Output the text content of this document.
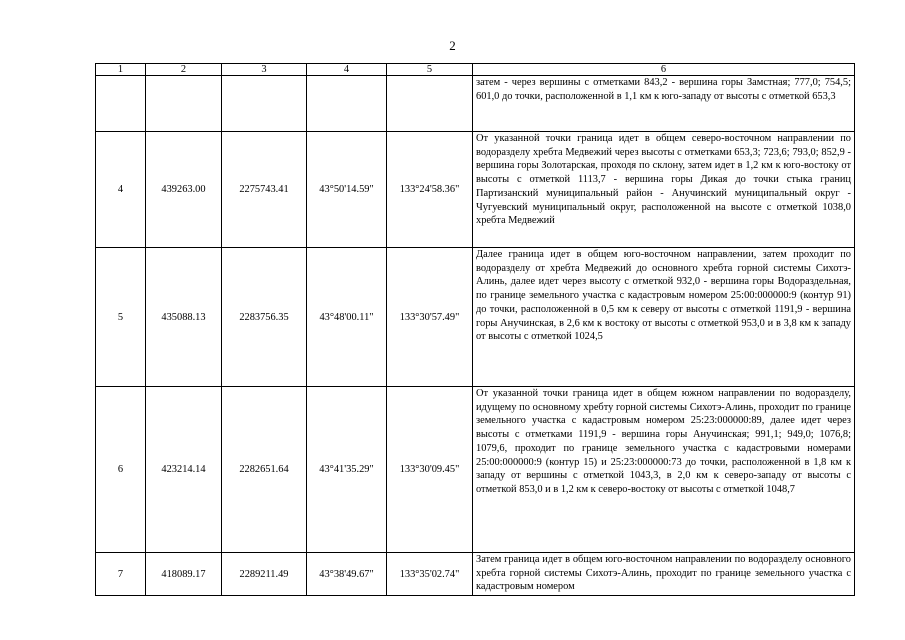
2
1	2	3	4	5	6

					затем - через вершины с отметками 843,2 - вершина горы Замстная; 777,0; 754,5; 601,0 до точки, расположенной в 1,1 км к юго-западу от высоты с отметкой 653,3

4	439263.00	2275743.41	43°50'14.59"	133°24'58.36"	От указанной точки граница идет в общем северо-восточном направлении по водоразделу хребта Медвежий через высоты с отметками 653,3; 723,6; 793,0; 852,9 - вершина горы Золотарская, проходя по склону, затем идет в 1,2 км к юго-востоку от высоты с отметкой 1113,7 - вершина горы Дикая до точки стыка границ Партизанский муниципальный район - Анучинский муниципальный округ - Чугуевский муниципальный округ, расположенной на высоте с отметкой 1038,0 хребта Медвежий

5	435088.13	2283756.35	43°48'00.11"	133°30'57.49"	Далее граница идет в общем юго-восточном направлении, затем проходит по водоразделу от хребта Медвежий до основного хребта горной системы Сихотэ-Алинь, далее идет через высоту с отметкой 932,0 - вершина горы Водораздельная, по границе земельного участка с кадастровым номером 25:00:000000:9 (контур 91) до точки, расположенной в 0,5 км к северу от высоты с отметкой 1191,9 - вершина горы Анучинская, в 2,6 км к востоку от высоты с отметкой 953,0 и в 3,8 км к западу от высоты с отметкой 1024,5

6	423214.14	2282651.64	43°41'35.29"	133°30'09.45"	От указанной точки граница идет в общем южном направлении по водоразделу, идущему по основному хребту горной системы Сихотэ-Алинь, проходит по границе земельного участка с кадастровым номером 25:23:000000:89, далее идет через высоты с отметками 1191,9 - вершина горы Анучинская; 991,1; 949,0; 1076,8; 1079,6, проходит по границе земельного участка с кадастровыми номерами 25:00:000000:9 (контур 15) и 25:23:000000:73 до точки, расположенной в 1,8 км к западу от вершины с отметкой 1043,3, в 2,0 км к северо-западу от высоты с отметкой 853,0 и в 1,2 км к северо-востоку от высоты с отметкой 1048,7

7	418089.17	2289211.49	43°38'49.67"	133°35'02.74"	Затем граница идет в общем юго-восточном направлении по водоразделу основного хребта горной системы Сихотэ-Алинь, проходит по границе земельного участка с кадастровым номером
